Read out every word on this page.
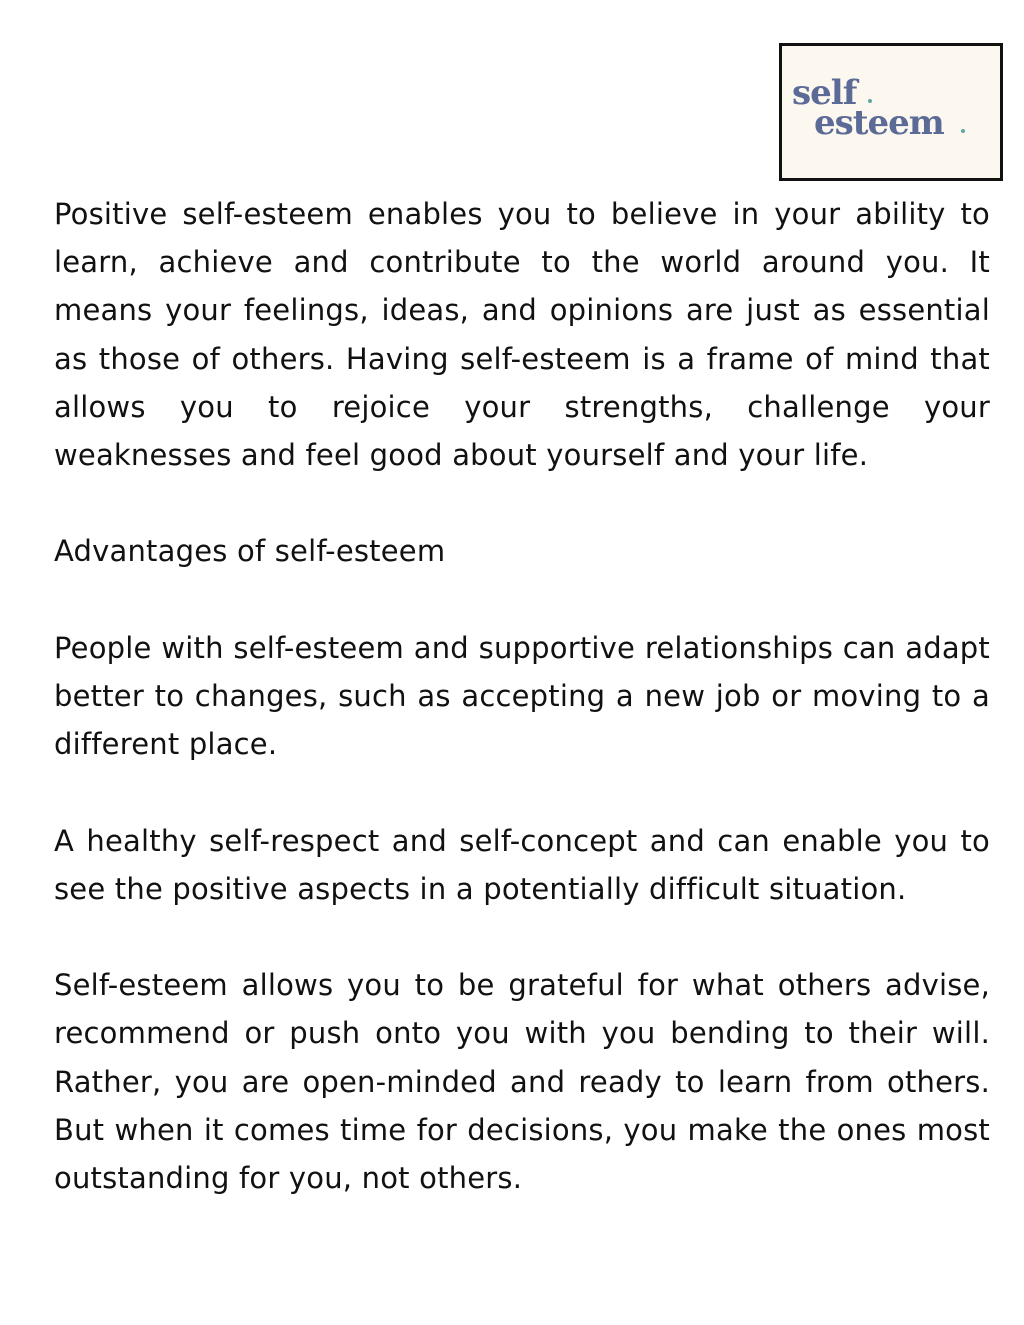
self
esteem

Positive self-esteem enables you to believe in your ability to learn, achieve and contribute to the world around you. It means your feelings, ideas, and opinions are just as essential as those of others. Having self-esteem is a frame of mind that allows you to rejoice your strengths, challenge your weaknesses and feel good about yourself and your life.

Advantages of self-esteem

People with self-esteem and supportive relationships can adapt better to changes, such as accepting a new job or moving to a different place.

A healthy self-respect and self-concept and can enable you to see the positive aspects in a potentially difficult situation.

Self-esteem allows you to be grateful for what others advise, recommend or push onto you with you bending to their will. Rather, you are open-minded and ready to learn from others. But when it comes time for decisions, you make the ones most outstanding for you, not others.
